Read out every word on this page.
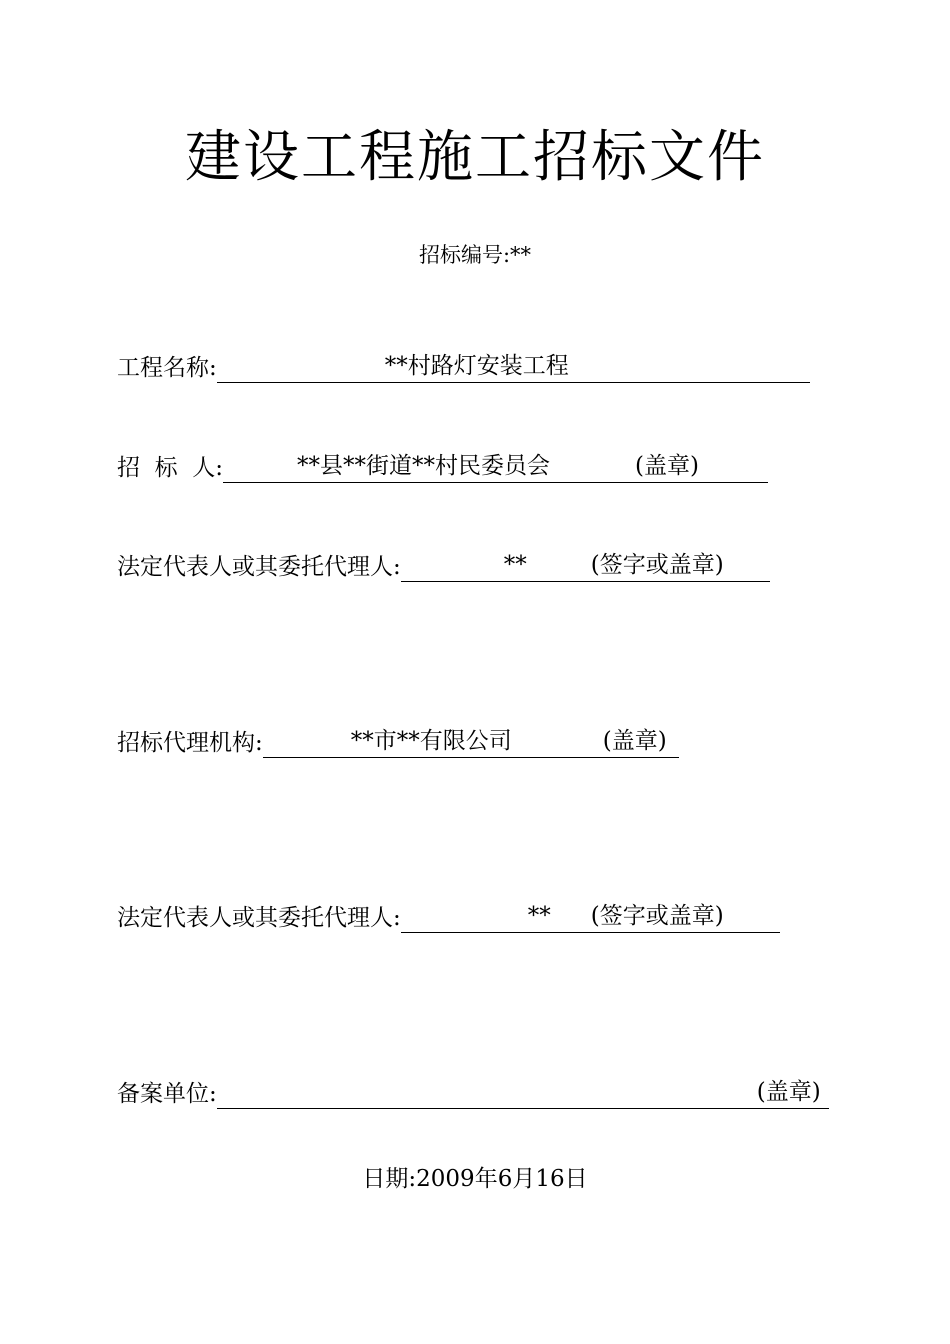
建设工程施工招标文件
招标编号:**
工程名称:	**村路灯安装工程
招  标  人:	**县**街道**村民委员会	(盖章)
法定代表人或其委托代理人:	**	(签字或盖章)
招标代理机构:	**市**有限公司	(盖章)
法定代表人或其委托代理人:	** (签字或盖章)
备案单位:	(盖章)
日期:2009年6月16日
